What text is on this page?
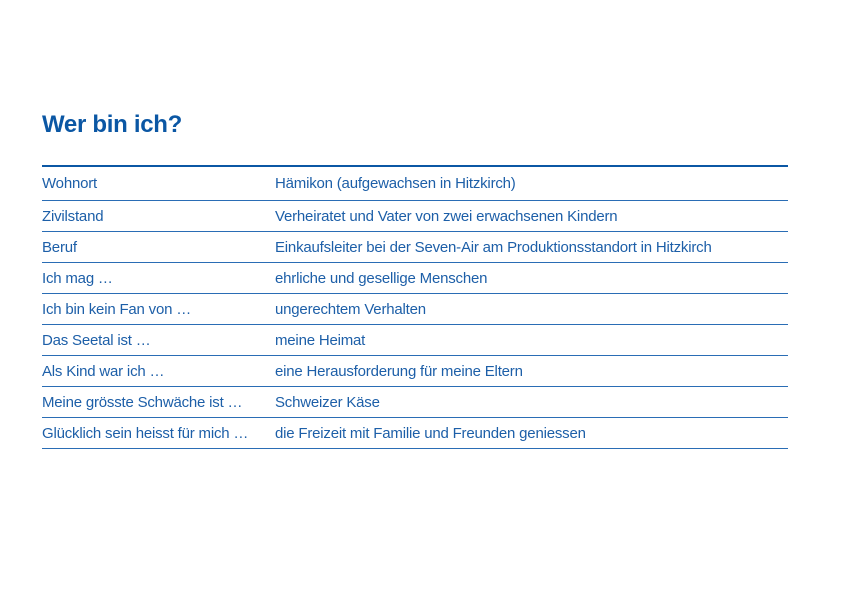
Wer bin ich?
Wohnort	Hämikon (aufgewachsen in Hitzkirch)
Zivilstand	Verheiratet und Vater von zwei erwachsenen Kindern
Beruf	Einkaufsleiter bei der Seven-Air am Produktionsstandort in Hitzkirch
Ich mag …	ehrliche und gesellige Menschen
Ich bin kein Fan von …	ungerechtem Verhalten
Das Seetal ist …	meine Heimat
Als Kind war ich …	eine Herausforderung für meine Eltern
Meine grösste Schwäche ist …	Schweizer Käse
Glücklich sein heisst für mich …	die Freizeit mit Familie und Freunden geniessen
